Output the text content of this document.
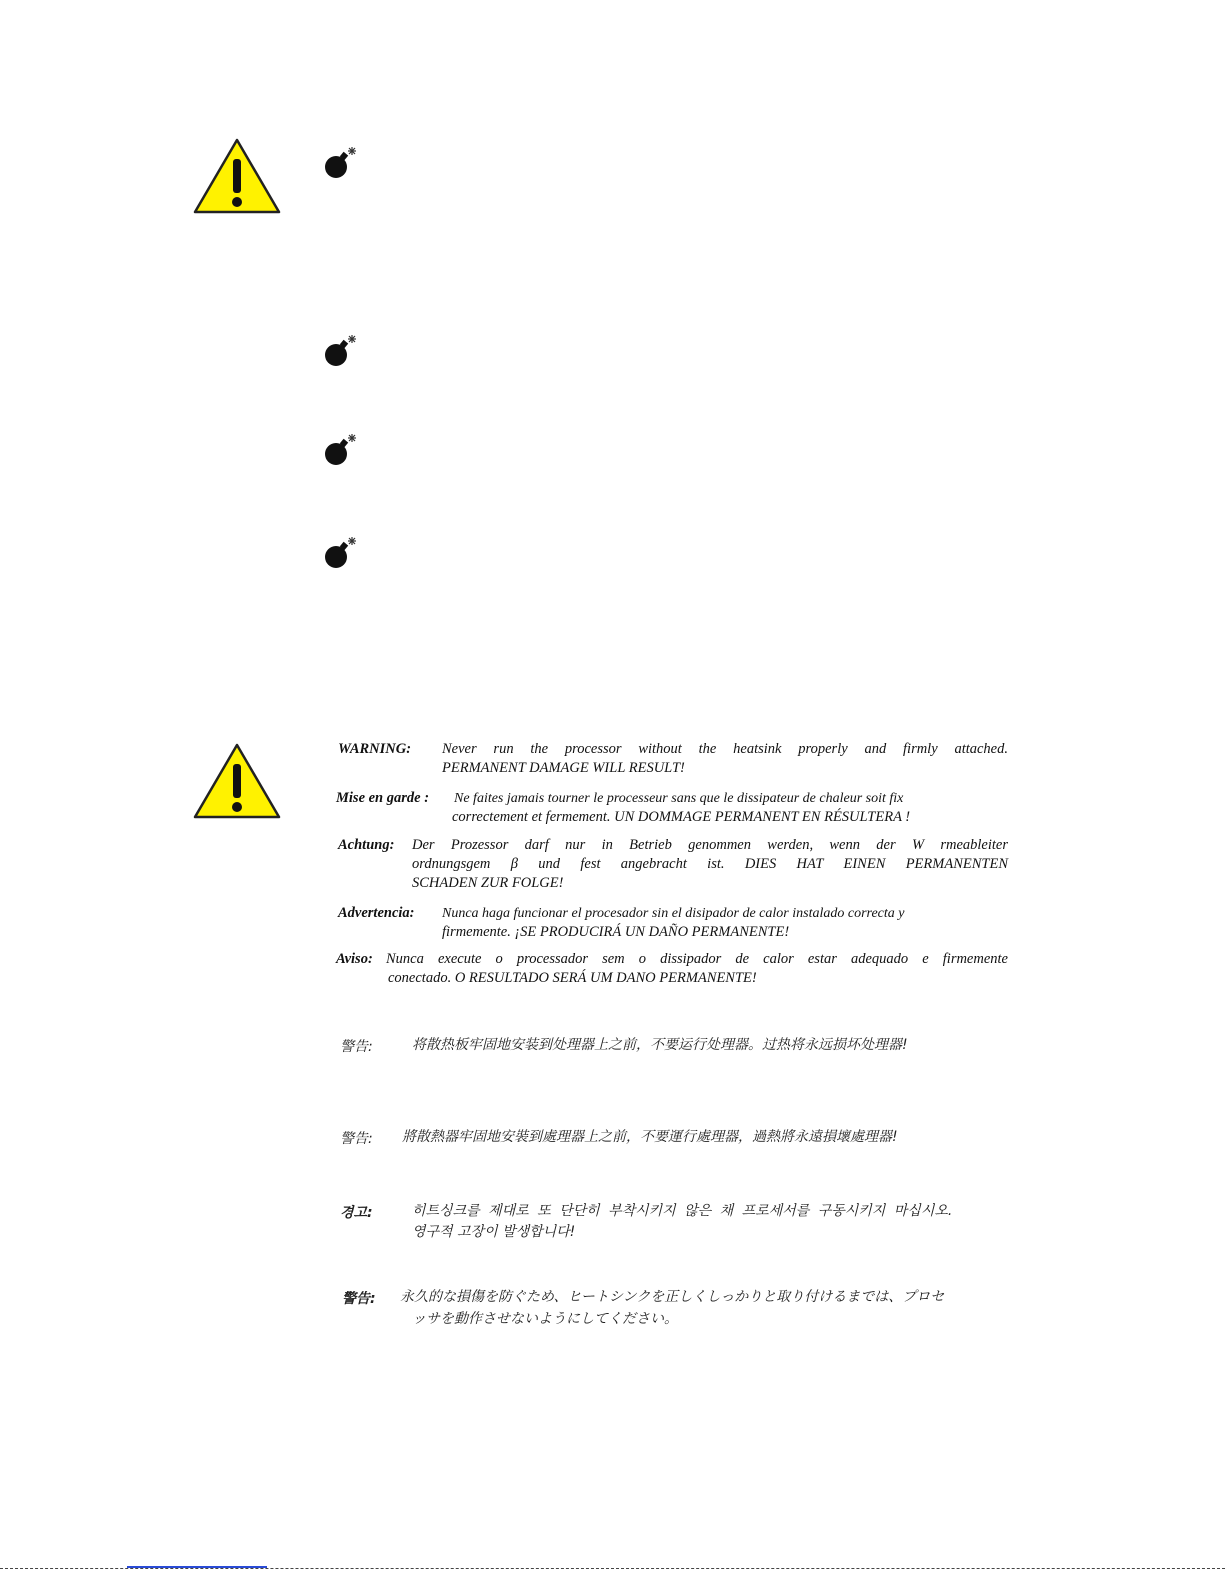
WARNING: Never run the processor without the heatsink properly and firmly attached.
PERMANENT DAMAGE WILL RESULT!
Mise en garde : Ne faites jamais tourner le processeur sans que le dissipateur de chaleur soit fix
correctement et fermement. UN DOMMAGE PERMANENT EN RÉSULTERA !
Achtung: Der Prozessor darf nur in Betrieb genommen werden, wenn der W rmeableiter
ordnungsgem β und fest angebracht ist. DIES HAT EINEN PERMANENTEN
SCHADEN ZUR FOLGE!
Advertencia: Nunca haga funcionar el procesador sin el disipador de calor instalado correcta y
firmemente. ¡SE PRODUCIRÁ UN DAÑO PERMANENTE!
Aviso: Nunca execute o processador sem o dissipador de calor estar adequado e firmemente
conectado. O RESULTADO SERÁ UM DANO PERMANENTE!
警告:	将散热板牢固地安装到处理器上之前，不要运行处理器。过热将永远损坏处理器!
警告: 將散熱器牢固地安裝到處理器上之前，不要運行處理器，過熱將永遠損壞處理器!
경고:	히트싱크를 제대로 또 단단히 부착시키지 않은 채 프로세서를 구동시키지 마십시오.
영구적 고장이 발생합니다!
警告: 永久的な損傷を防ぐため、ヒートシンクを正しくしっかりと取り付けるまでは、プロセ
ッサを動作させないようにしてください。
